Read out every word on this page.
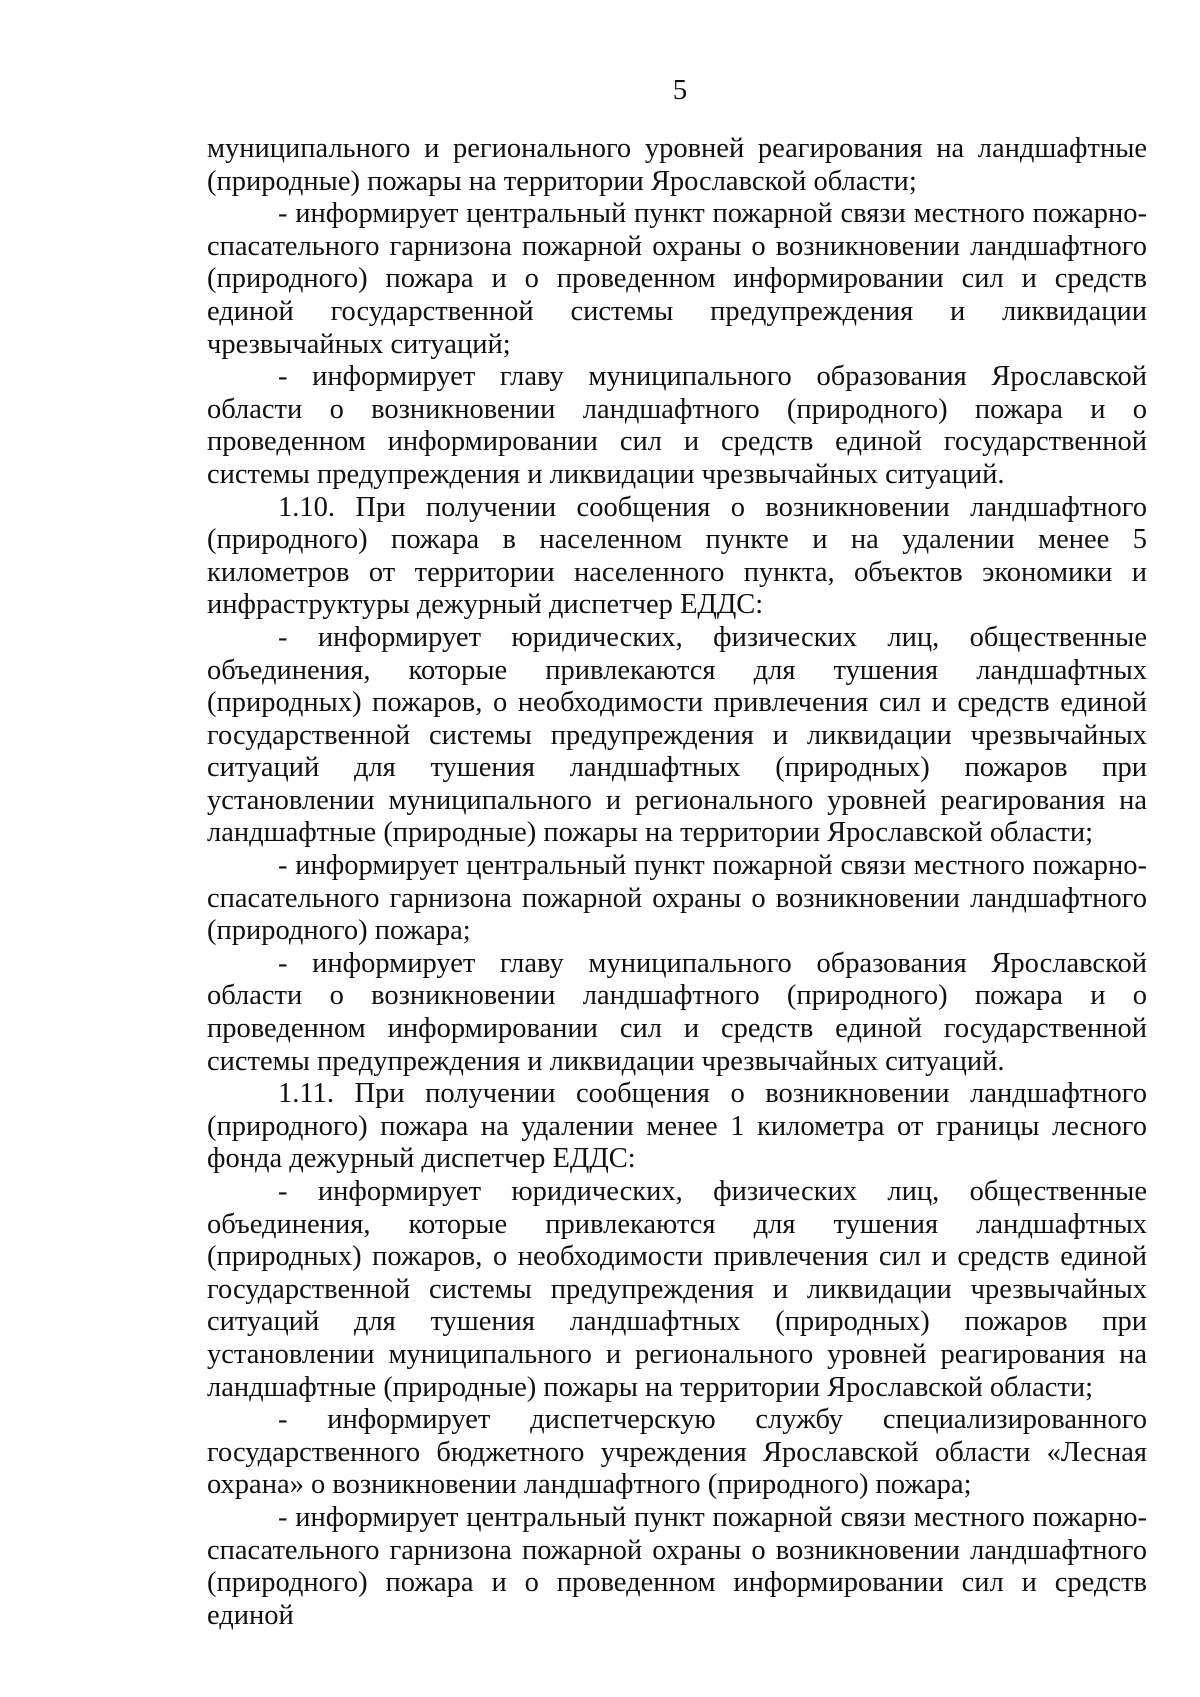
5

муниципального и регионального уровней реагирования на ландшафтные (природные) пожары на территории Ярославской области;

- информирует центральный пункт пожарной связи местного пожарно-спасательного гарнизона пожарной охраны о возникновении ландшафтного (природного) пожара и о проведенном информировании сил и средств единой государственной системы предупреждения и ликвидации чрезвычайных ситуаций;

- информирует главу муниципального образования Ярославской области о возникновении ландшафтного (природного) пожара и о проведенном информировании сил и средств единой государственной системы предупреждения и ликвидации чрезвычайных ситуаций.

1.10. При получении сообщения о возникновении ландшафтного (природного) пожара в населенном пункте и на удалении менее 5 километров от территории населенного пункта, объектов экономики и инфраструктуры дежурный диспетчер ЕДДС:

- информирует юридических, физических лиц, общественные объединения, которые привлекаются для тушения ландшафтных (природных) пожаров, о необходимости привлечения сил и средств единой государственной системы предупреждения и ликвидации чрезвычайных ситуаций для тушения ландшафтных (природных) пожаров при установлении муниципального и регионального уровней реагирования на ландшафтные (природные) пожары на территории Ярославской области;

- информирует центральный пункт пожарной связи местного пожарно-спасательного гарнизона пожарной охраны о возникновении ландшафтного (природного) пожара;

- информирует главу муниципального образования Ярославской области о возникновении ландшафтного (природного) пожара и о проведенном информировании сил и средств единой государственной системы предупреждения и ликвидации чрезвычайных ситуаций.

1.11. При получении сообщения о возникновении ландшафтного (природного) пожара на удалении менее 1 километра от границы лесного фонда дежурный диспетчер ЕДДС:

- информирует юридических, физических лиц, общественные объединения, которые привлекаются для тушения ландшафтных (природных) пожаров, о необходимости привлечения сил и средств единой государственной системы предупреждения и ликвидации чрезвычайных ситуаций для тушения ландшафтных (природных) пожаров при установлении муниципального и регионального уровней реагирования на ландшафтные (природные) пожары на территории Ярославской области;

- информирует диспетчерскую службу специализированного государственного бюджетного учреждения Ярославской области «Лесная охрана» о возникновении ландшафтного (природного) пожара;

- информирует центральный пункт пожарной связи местного пожарно-спасательного гарнизона пожарной охраны о возникновении ландшафтного (природного) пожара и о проведенном информировании сил и средств единой
